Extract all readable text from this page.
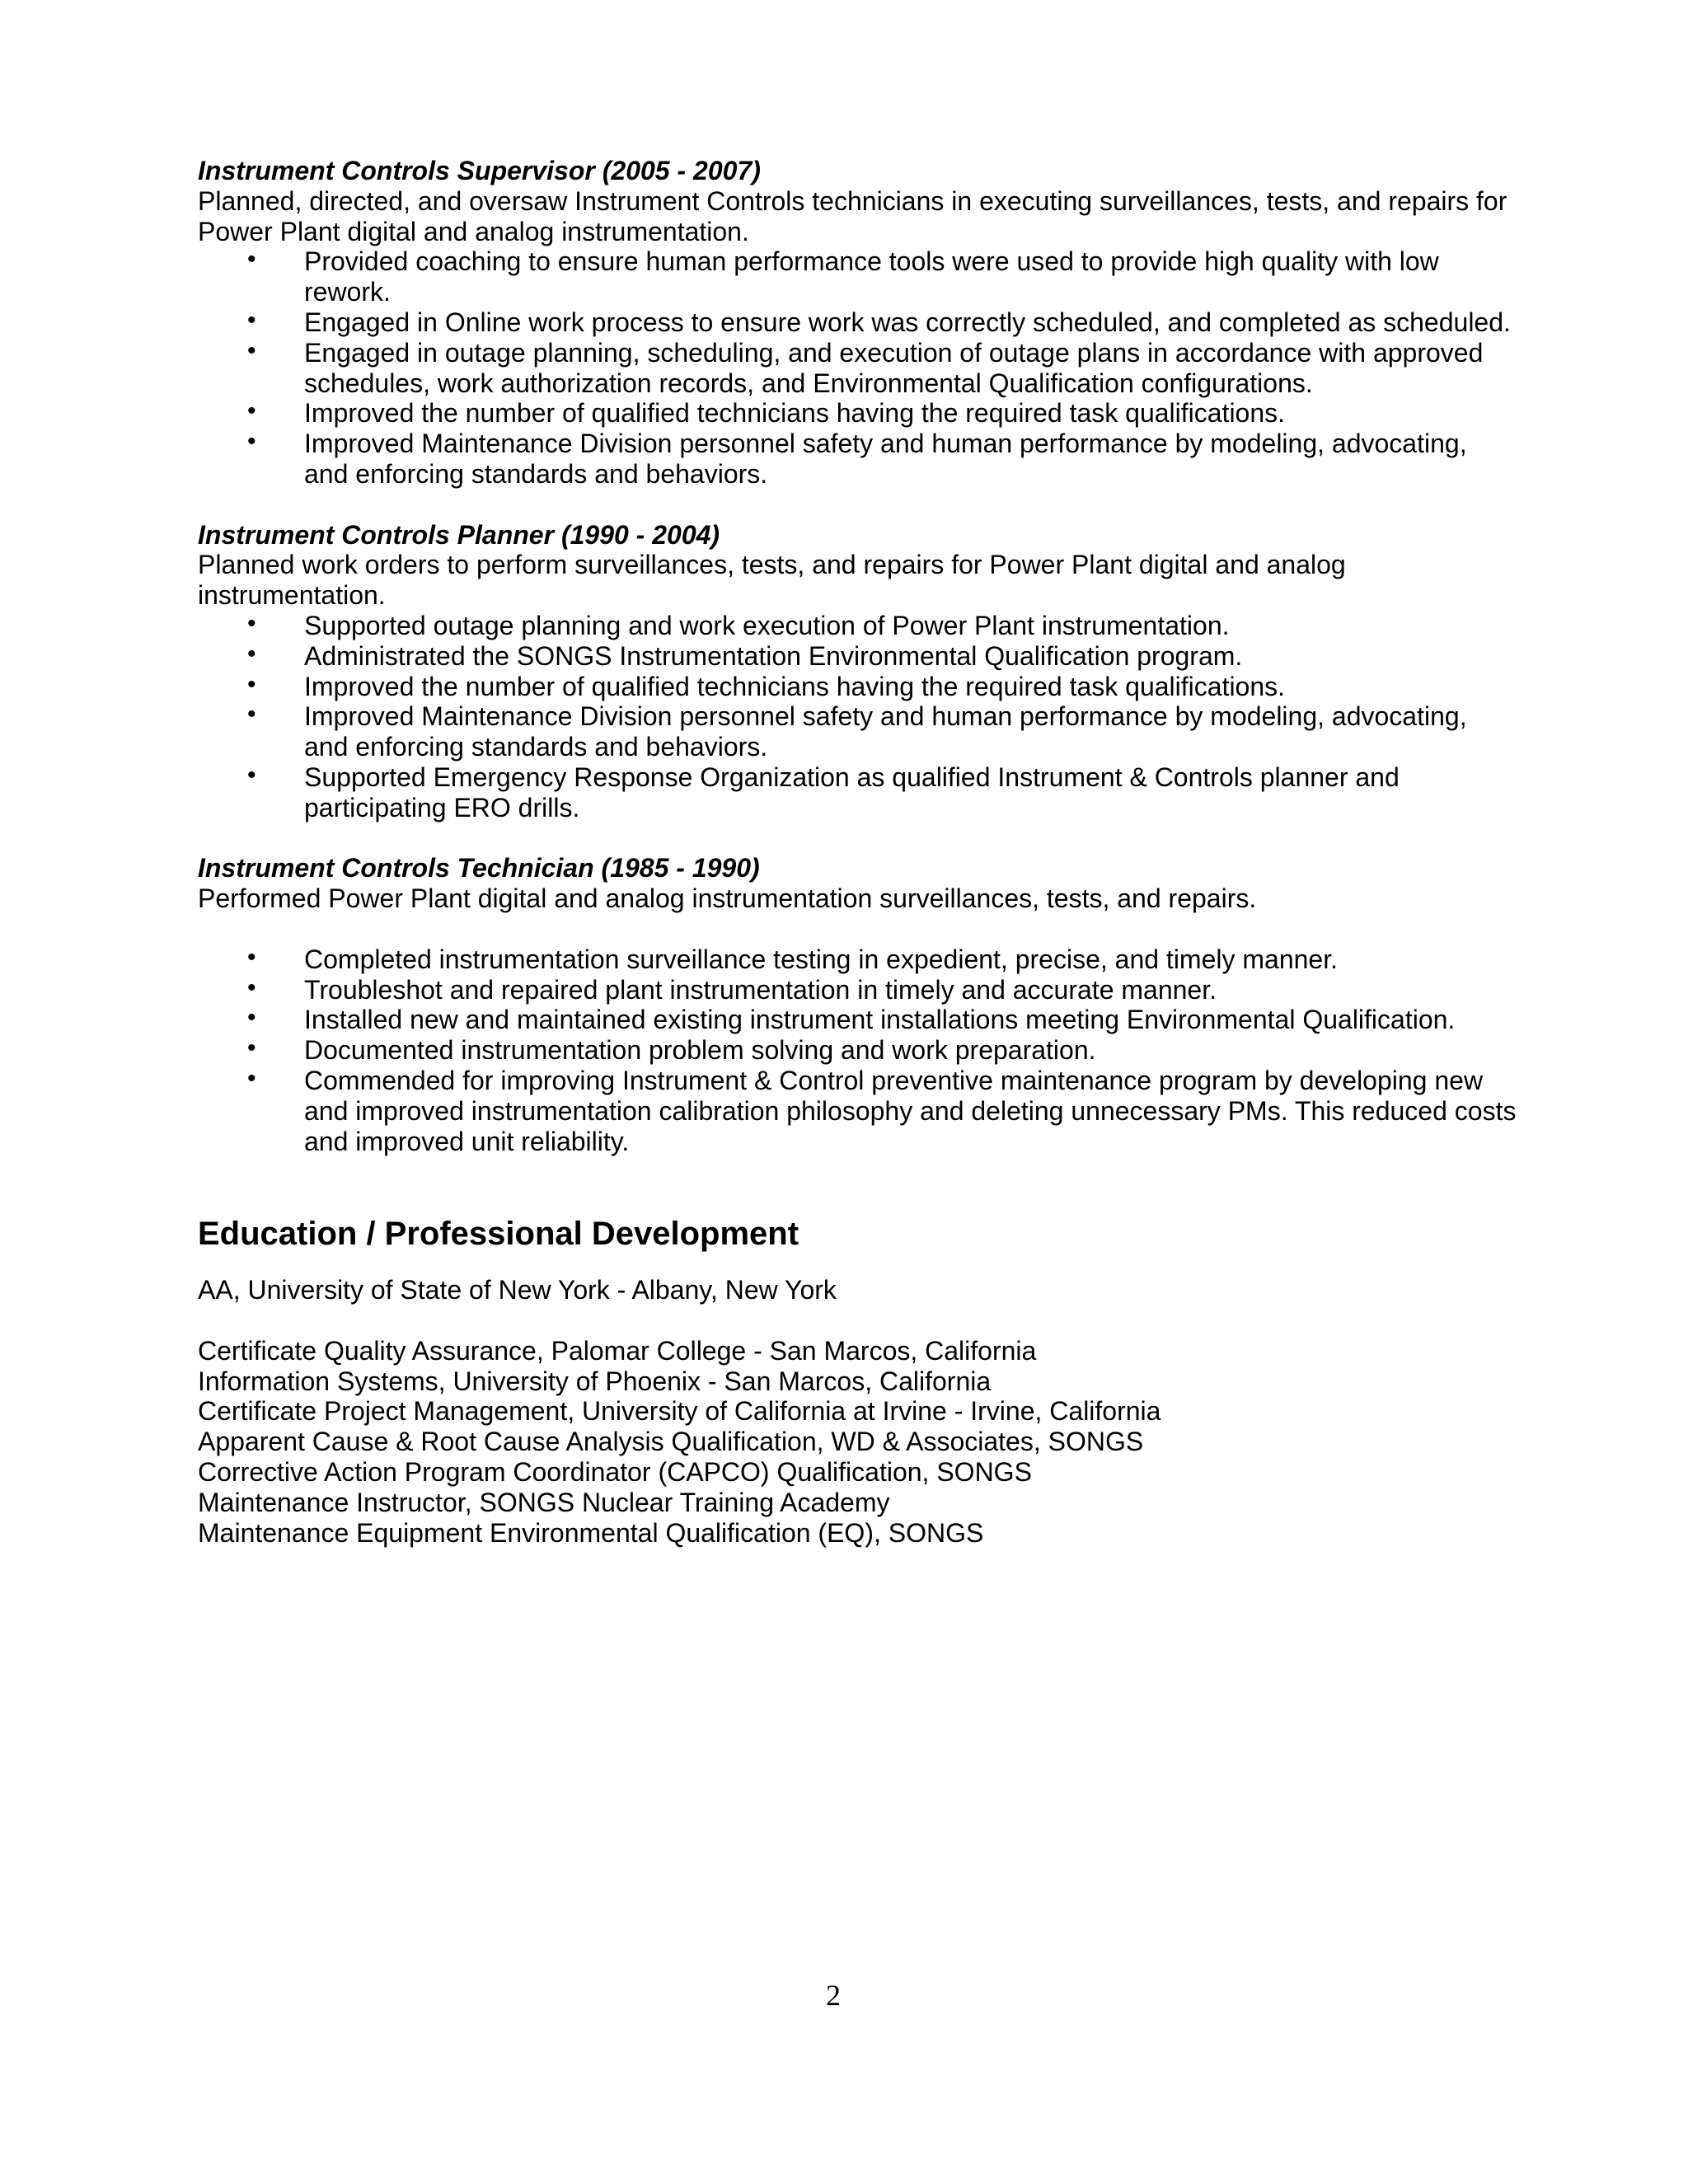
Instrument Controls Supervisor (2005 - 2007)

Planned, directed, and oversaw Instrument Controls technicians in executing surveillances, tests, and repairs for Power Plant digital and analog instrumentation.

• Provided coaching to ensure human performance tools were used to provide high quality with low rework.
• Engaged in Online work process to ensure work was correctly scheduled, and completed as scheduled.
• Engaged in outage planning, scheduling, and execution of outage plans in accordance with approved schedules, work authorization records, and Environmental Qualification configurations.
• Improved the number of qualified technicians having the required task qualifications.
• Improved Maintenance Division personnel safety and human performance by modeling, advocating, and enforcing standards and behaviors.

Instrument Controls Planner (1990 - 2004)

Planned work orders to perform surveillances, tests, and repairs for Power Plant digital and analog instrumentation.

• Supported outage planning and work execution of Power Plant instrumentation.
• Administrated the SONGS Instrumentation Environmental Qualification program.
• Improved the number of qualified technicians having the required task qualifications.
• Improved Maintenance Division personnel safety and human performance by modeling, advocating, and enforcing standards and behaviors.
• Supported Emergency Response Organization as qualified Instrument & Controls planner and participating ERO drills.

Instrument Controls Technician (1985 - 1990)

Performed Power Plant digital and analog instrumentation surveillances, tests, and repairs.

• Completed instrumentation surveillance testing in expedient, precise, and timely manner.
• Troubleshot and repaired plant instrumentation in timely and accurate manner.
• Installed new and maintained existing instrument installations meeting Environmental Qualification.
• Documented instrumentation problem solving and work preparation.
• Commended for improving Instrument & Control preventive maintenance program by developing new and improved instrumentation calibration philosophy and deleting unnecessary PMs. This reduced costs and improved unit reliability.
Education / Professional Development

AA, University of State of New York - Albany, New York

Certificate Quality Assurance, Palomar College - San Marcos, California

Information Systems, University of Phoenix - San Marcos, California

Certificate Project Management, University of California at Irvine - Irvine, California

Apparent Cause & Root Cause Analysis Qualification, WD & Associates, SONGS

Corrective Action Program Coordinator (CAPCO) Qualification, SONGS

Maintenance Instructor, SONGS Nuclear Training Academy

Maintenance Equipment Environmental Qualification (EQ), SONGS

2
